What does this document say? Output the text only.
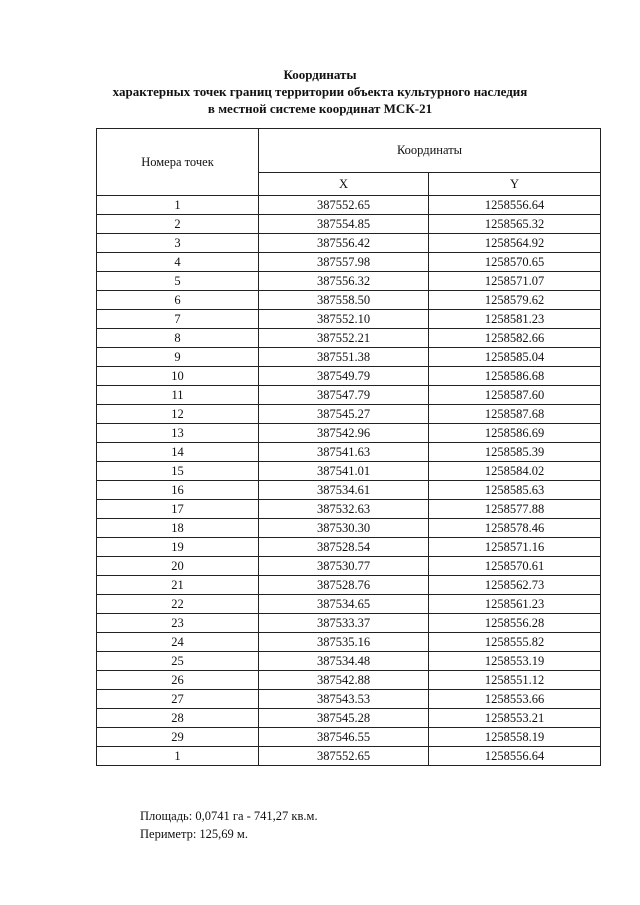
Координаты
характерных точек границ территории объекта культурного наследия
в местной системе координат МСК-21
Номера точек	Координаты	
	X	Y
1	387552.65	1258556.64
2	387554.85	1258565.32
3	387556.42	1258564.92
4	387557.98	1258570.65
5	387556.32	1258571.07
6	387558.50	1258579.62
7	387552.10	1258581.23
8	387552.21	1258582.66
9	387551.38	1258585.04
10	387549.79	1258586.68
11	387547.79	1258587.60
12	387545.27	1258587.68
13	387542.96	1258586.69
14	387541.63	1258585.39
15	387541.01	1258584.02
16	387534.61	1258585.63
17	387532.63	1258577.88
18	387530.30	1258578.46
19	387528.54	1258571.16
20	387530.77	1258570.61
21	387528.76	1258562.73
22	387534.65	1258561.23
23	387533.37	1258556.28
24	387535.16	1258555.82
25	387534.48	1258553.19
26	387542.88	1258551.12
27	387543.53	1258553.66
28	387545.28	1258553.21
29	387546.55	1258558.19
1	387552.65	1258556.64
Площадь: 0,0741 га - 741,27 кв.м.
Периметр: 125,69 м.
